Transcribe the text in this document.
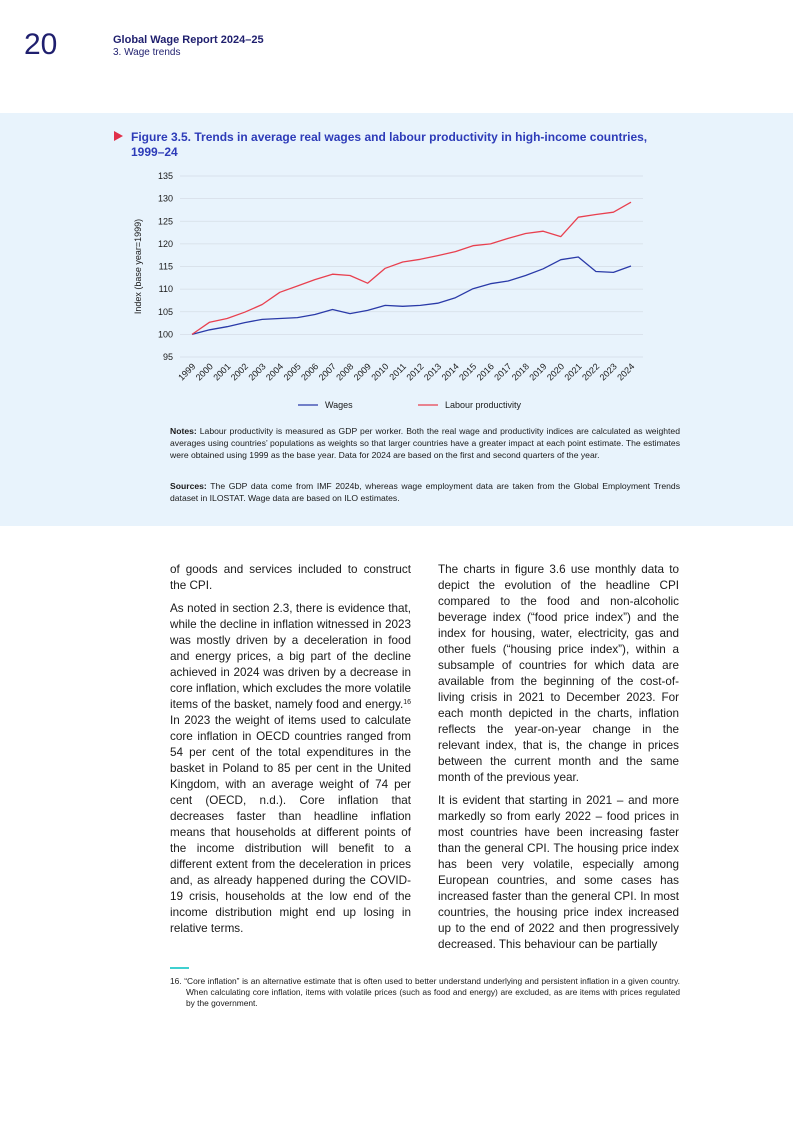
20	Global Wage Report 2024–25
3. Wage trends
Figure 3.5. Trends in average real wages and labour productivity in high-income countries, 1999–24
95
100
105
110
115
120
125
130
135
Index (base year=1999)
1999
2000
2001
2002
2003
2004
2005
2006
2007
2008
2009
2010
2011
2012
2013
2014
2015
2016
2017
2018
2019
2020
2021
2022
2023
2024
Wages	Labour productivity
Notes: Labour productivity is measured as GDP per worker. Both the real wage and productivity indices are calculated as weighted averages using countries’ populations as weights so that larger countries have a greater impact at each point estimate. The estimates were obtained using 1999 as the base year. Data for 2024 are based on the first and second quarters of the year.
Sources: The GDP data come from IMF 2024b, whereas wage employment data are taken from the Global Employment Trends dataset in ILOSTAT. Wage data are based on ILO estimates.

of goods and services included to construct the CPI.

As noted in section 2.3, there is evidence that, while the decline in inflation witnessed in 2023 was mostly driven by a deceleration in food and energy prices, a big part of the decline achieved in 2024 was driven by a decrease in core inflation, which excludes the more volatile items of the basket, namely food and energy.$^{16}$ In 2023 the weight of items used to calculate core inflation in OECD countries ranged from 54 per cent of the total expenditures in the basket in Poland to 85 per cent in the United Kingdom, with an average weight of 74 per cent (OECD, n.d.). Core inflation that decreases faster than headline inflation means that households at different points of the income distribution will benefit to a different extent from the deceleration in prices and, as already happened during the COVID-19 crisis, households at the low end of the income distribution might end up losing in relative terms.

The charts in figure 3.6 use monthly data to depict the evolution of the headline CPI compared to the food and non-alcoholic beverage index (“food price index”) and the index for housing, water, electricity, gas and other fuels (“housing price index”), within a subsample of countries for which data are available from the beginning of the cost-of-living crisis in 2021 to December 2023. For each month depicted in the charts, inflation reflects the year-on-year change in the relevant index, that is, the change in prices between the current month and the same month of the previous year.

It is evident that starting in 2021 – and more markedly so from early 2022 – food prices in most countries have been increasing faster than the general CPI. The housing price index has been very volatile, especially among European countries, and some cases has increased faster than the general CPI. In most countries, the housing price index increased up to the end of 2022 and then progressively decreased. This behaviour can be partially

16. “Core inflation” is an alternative estimate that is often used to better understand underlying and persistent inflation in a given country. When calculating core inflation, items with volatile prices (such as food and energy) are excluded, as are items with prices regulated by the government.
